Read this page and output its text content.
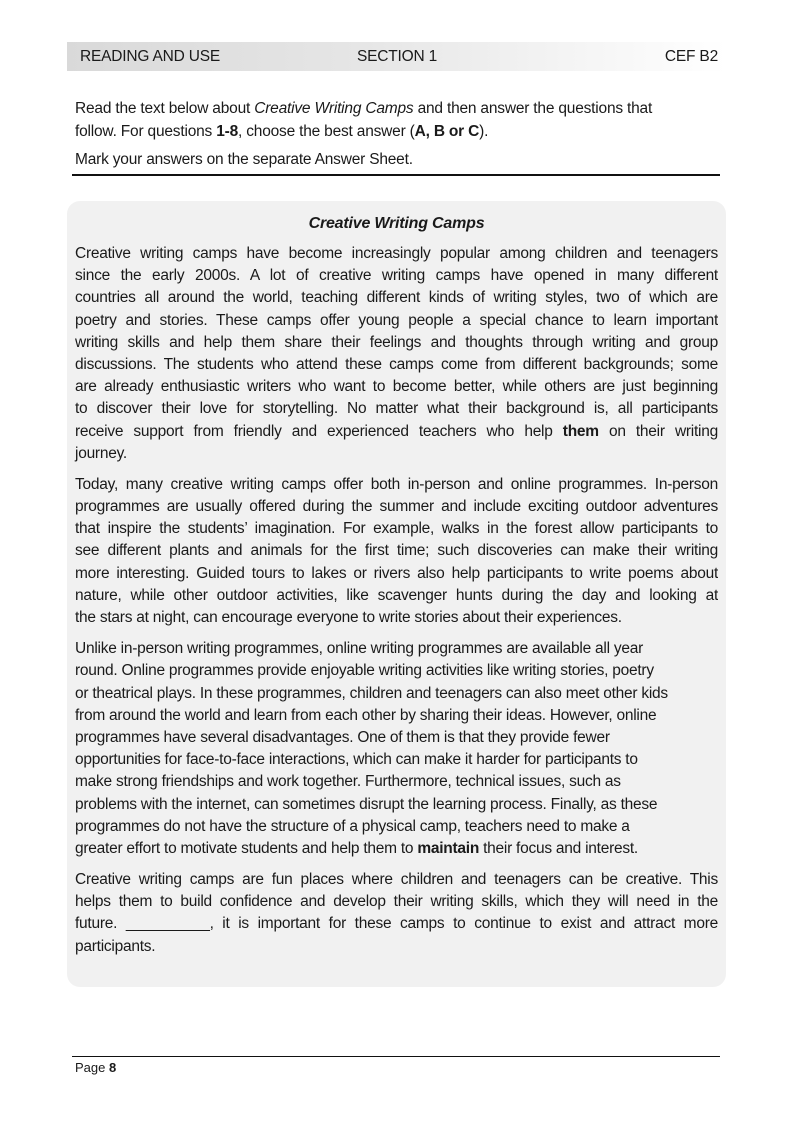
READING AND USE	SECTION 1	CEF B2

Read the text below about Creative Writing Camps and then answer the questions that

follow. For questions 1-8, choose the best answer (A, B or C).

Mark your answers on the separate Answer Sheet.

Creative Writing Camps
Creative writing camps have become increasingly popular among children and teenagers
since the early 2000s. A lot of creative writing camps have opened in many different
countries all around the world, teaching different kinds of writing styles, two of which are
poetry and stories. These camps offer young people a special chance to learn important
writing skills and help them share their feelings and thoughts through writing and group
discussions. The students who attend these camps come from different backgrounds; some
are already enthusiastic writers who want to become better, while others are just beginning
to discover their love for storytelling. No matter what their background is, all participants
receive support from friendly and experienced teachers who help them on their writing
journey.
Today, many creative writing camps offer both in-person and online programmes. In-person
programmes are usually offered during the summer and include exciting outdoor adventures
that inspire the students’ imagination. For example, walks in the forest allow participants to
see different plants and animals for the first time; such discoveries can make their writing
more interesting. Guided tours to lakes or rivers also help participants to write poems about
nature, while other outdoor activities, like scavenger hunts during the day and looking at
the stars at night, can encourage everyone to write stories about their experiences.
Unlike in-person writing programmes, online writing programmes are available all year
round. Online programmes provide enjoyable writing activities like writing stories, poetry
or theatrical plays. In these programmes, children and teenagers can also meet other kids
from around the world and learn from each other by sharing their ideas. However, online
programmes have several disadvantages. One of them is that they provide fewer
opportunities for face-to-face interactions, which can make it harder for participants to
make strong friendships and work together. Furthermore, technical issues, such as
problems with the internet, can sometimes disrupt the learning process. Finally, as these
programmes do not have the structure of a physical camp, teachers need to make a
greater effort to motivate students and help them to maintain their focus and interest.
Creative writing camps are fun places where children and teenagers can be creative. This
helps them to build confidence and develop their writing skills, which they will need in the
future. __________, it is important for these camps to continue to exist and attract more
participants.
Page 8
